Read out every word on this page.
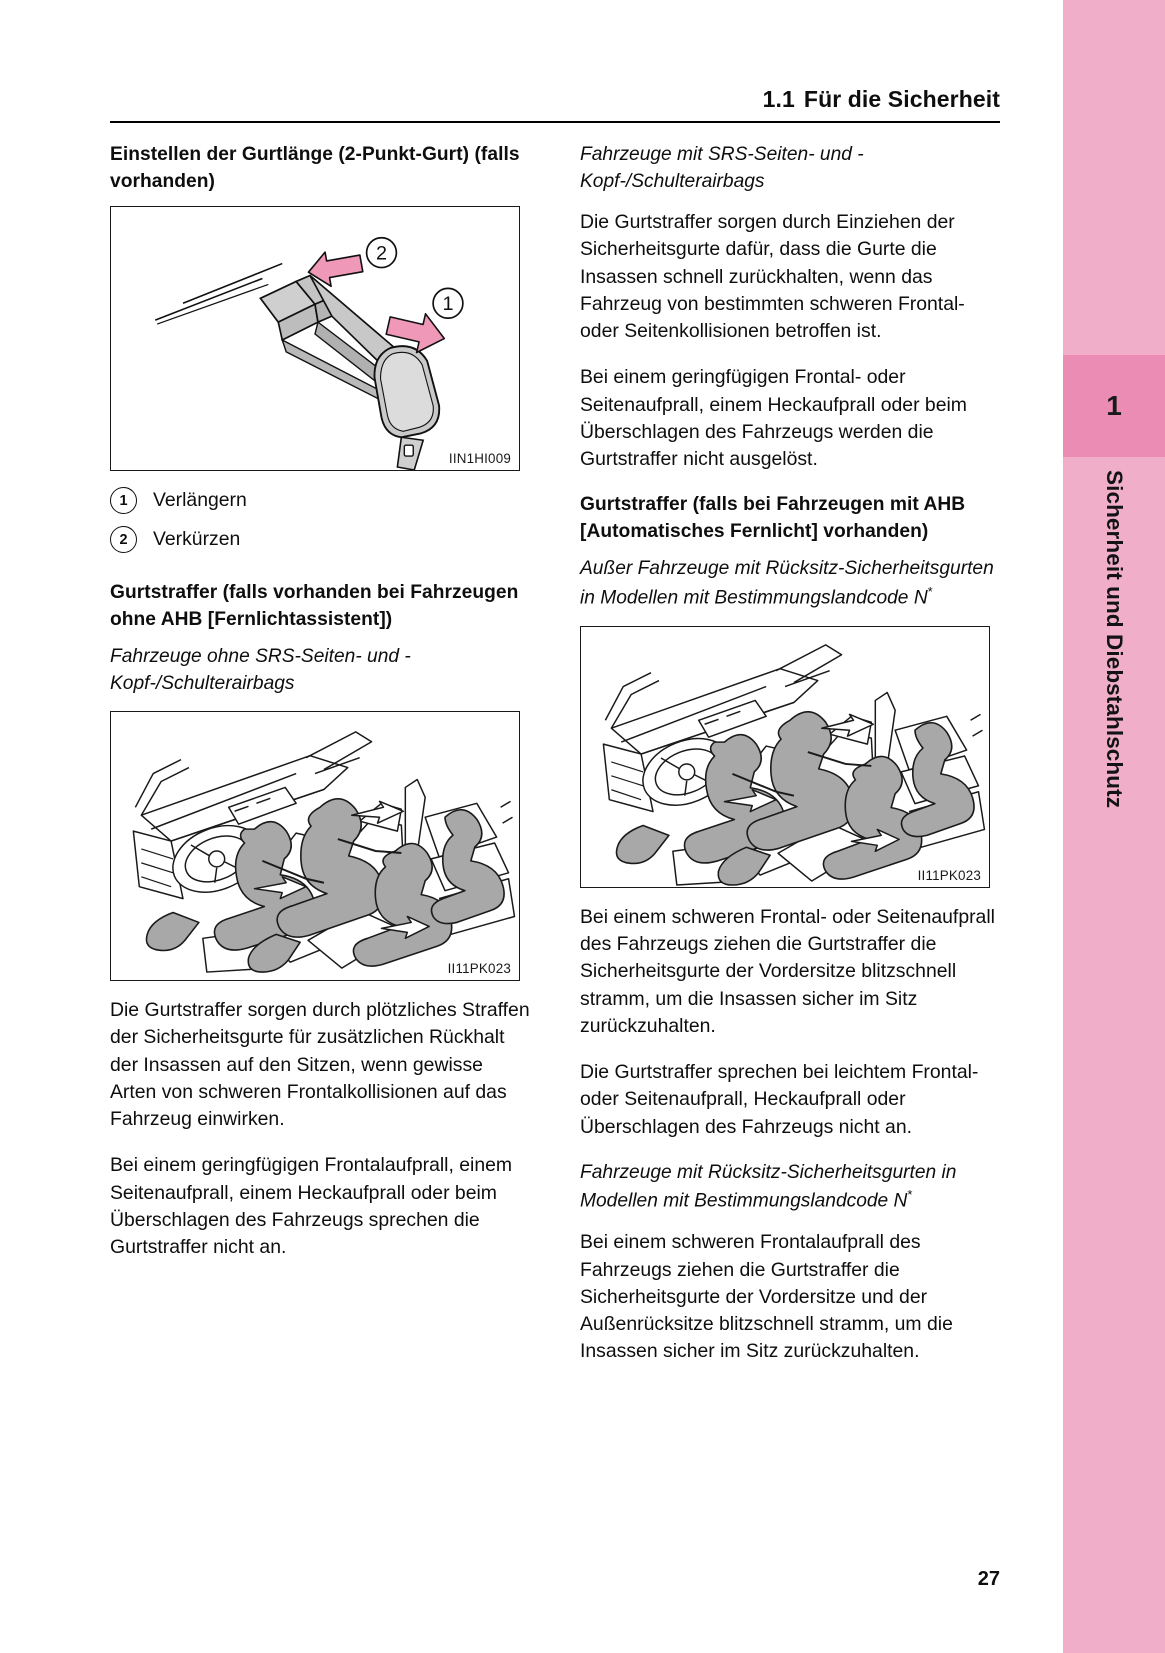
1
Sicherheit und Diebstahlschutz
1.1 Für die Sicherheit
Einstellen der Gurtlänge (2-Punkt-Gurt) (falls vorhanden)
2
1
IIN1HI009
1	Verlängern
2	Verkürzen
Gurtstraffer (falls vorhanden bei Fahrzeugen ohne AHB [Fernlichtassistent])

Fahrzeuge ohne SRS-Seiten- und -Kopf-/Schulterairbags

II11PK023

Die Gurtstraffer sorgen durch plötzliches Straffen der Sicherheitsgurte für zusätzlichen Rückhalt der Insassen auf den Sitzen, wenn gewisse Arten von schweren Frontalkollisionen auf das Fahrzeug einwirken.

Bei einem geringfügigen Frontalaufprall, einem Seitenaufprall, einem Heckaufprall oder beim Überschlagen des Fahrzeugs sprechen die Gurtstraffer nicht an.

Fahrzeuge mit SRS-Seiten- und -Kopf-/Schulterairbags

Die Gurtstraffer sorgen durch Einziehen der Sicherheitsgurte dafür, dass die Gurte die Insassen schnell zurückhalten, wenn das Fahrzeug von bestimmten schweren Frontal- oder Seitenkollisionen betroffen ist.

Bei einem geringfügigen Frontal- oder Seitenaufprall, einem Heckaufprall oder beim Überschlagen des Fahrzeugs werden die Gurtstraffer nicht ausgelöst.

Gurtstraffer (falls bei Fahrzeugen mit AHB [Automatisches Fernlicht] vorhanden)

Außer Fahrzeuge mit Rücksitz-Sicherheitsgurten in Modellen mit Bestimmungslandcode N*

II11PK023

Bei einem schweren Frontal- oder Seitenaufprall des Fahrzeugs ziehen die Gurtstraffer die Sicherheitsgurte der Vordersitze blitzschnell stramm, um die Insassen sicher im Sitz zurückzuhalten.

Die Gurtstraffer sprechen bei leichtem Frontal- oder Seitenaufprall, Heckaufprall oder Überschlagen des Fahrzeugs nicht an.

Fahrzeuge mit Rücksitz-Sicherheitsgurten in Modellen mit Bestimmungslandcode N*

Bei einem schweren Frontalaufprall des Fahrzeugs ziehen die Gurtstraffer die Sicherheitsgurte der Vordersitze und der Außenrücksitze blitzschnell stramm, um die Insassen sicher im Sitz zurückzuhalten.

27
